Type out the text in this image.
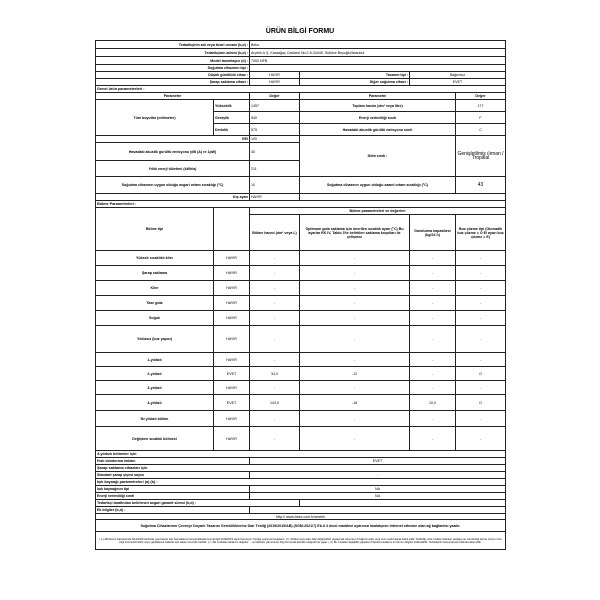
ÜRÜN BİLGİ FORMU
Tedarikçinin adı veya ticari unvanı (b,d) :		Beko			
Tedarikçinin adresi (b,d) :		Arçelik A.Ş. Karaağaç Caddesi No:2-6,34445, Sütlüce Beyoğlu/İstanbul			
Model tanımlayıcı (d) :		7053 NFB			
Soğutma cihazının tipi :					
Düşük gürültülü cihaz :		HAYIR	Tasarım tipi :	Bağımsız	
Şarap saklama cihazı :		HAYIR	Diğer soğutma cihazı :	EVET	
Genel ürün parametreleri :					
Parametre		Değer	Parametre		Değer
Tüm boyutlar (milimetre)	Yükseklik	1457	Toplam hacim (dm³ veya litre)		177
	Genişlik	540	Enerji verimliliği sınıfı		F
	Derinlik	575	Havadaki akustik gürültü emisyonu sınıfı		C
EEI		100	İklim sınıfı :		Genişletilmiş ılıman / Tropikal
Havadaki akustik gürültü emisyonu (dB (A) re 1pW)		40			
Yıllık enerji tüketimi (kWh/a)		211			
Soğutma cihazının uygun olduğu asgari ortam sıcaklığı (°C)		10	Soğutma cihazının uygun olduğu azami ortam sıcaklığı (°C)		43
Kış ayarı		HAYIR			
Bölme Parametreleri :					
Bölme tipi		Bölme parametreleri ve değerleri			
		Bölme hacmi (dm³ veya L)	Optimum gıda saklama için önerilen sıcaklık ayarı (°C) Bu ayarlar EK IV, Tablo 3'te belirtilen saklama koşulları ile çelişmez	Dondurma kapasitesi (kg/24 h)	Buz çözme tipi (Otomatik buz çözme = O El ayarı buz çözme = E)
Yüksek sıcaklıklı kiler	HAYIR	-	-	-	-
Şarap saklama	HAYIR	-	-	-	-
Kiler	HAYIR	-	-	-	-
Taze gıda	HAYIR	-	-	-	-
Soğuk	HAYIR	-	-	-	-
Yıldızsız (buz yapıcı)	HAYIR	-	-	-	-
1-yıldızlı	HAYIR	-	-	-	-
2-yıldızlı	EVET	34,0	-12	-	O
3-yıldızlı	HAYIR	-	-	-	-
4-yıldızlı	EVET	143,0	-18	10,0	O
İki yıldızlı bölüm	HAYIR	-	-	-	-
Değişken sıcaklık bölmesi	HAYIR	-	-	-	-
4-yıldızlı bölmeler için					
Hızlı dondurma imkânı		EVET			
Şarap saklama cihazları için					
Standart şarap şişesi sayısı		-			
Işık kaynağı parametreleri (a) (b) :					
Işık kaynağının tipi		NA			
Enerji verimliliği sınıfı		NA			
Tedarikçi tarafından belirlenen asgari garanti süresi (b,d) :					
Ek bilgiler (b,d) :					
http:// www.beko.com.tr/destek					
Soğutma Cihazlarının Çevreye Duyarlı Tasarım Gerekliliklerine Dair Tebliğ (2019/2019/AB) (SGM:2021/7) Ek-II 4 üncü maddesi uyarınca imalatçının internet sitesine olan ağ bağlantısı yazılır.					
( a ) AB Resmi Gazetesinde 5/12/2019 tarihinde yayımlanan Işık Kaynaklarının Enerji Etiketlemesi ile ilgili 2019/2015 sayılı Komisyon Tüzüğü uyarınca hesaplanır. ( b ) Dikkat veya aranı bilgi değiştirebilir paylaşmak istiyorsa rıh bağımlı arası veya seni model olarak kabul edilir. Tedbirliği, artık modele birlenleri paylaşıp arı sitenizdeği konfut oturum ürün bilgi formunda belirtir veya yapabilecek hallerde seri tabanı üzerinde belirtilir. ( c ) Bu modelde olarak bu değerler ... ve belirtilen yalnızca bu bilgi formunda belirtilen değerler ile yapar. ( d ) Bu modelde değişiklik yaparken Tüketici kurallarını bu formun bilgileri kullanılabilir. Tedarikçinin bulunmaması halinde kabul edilir.					
